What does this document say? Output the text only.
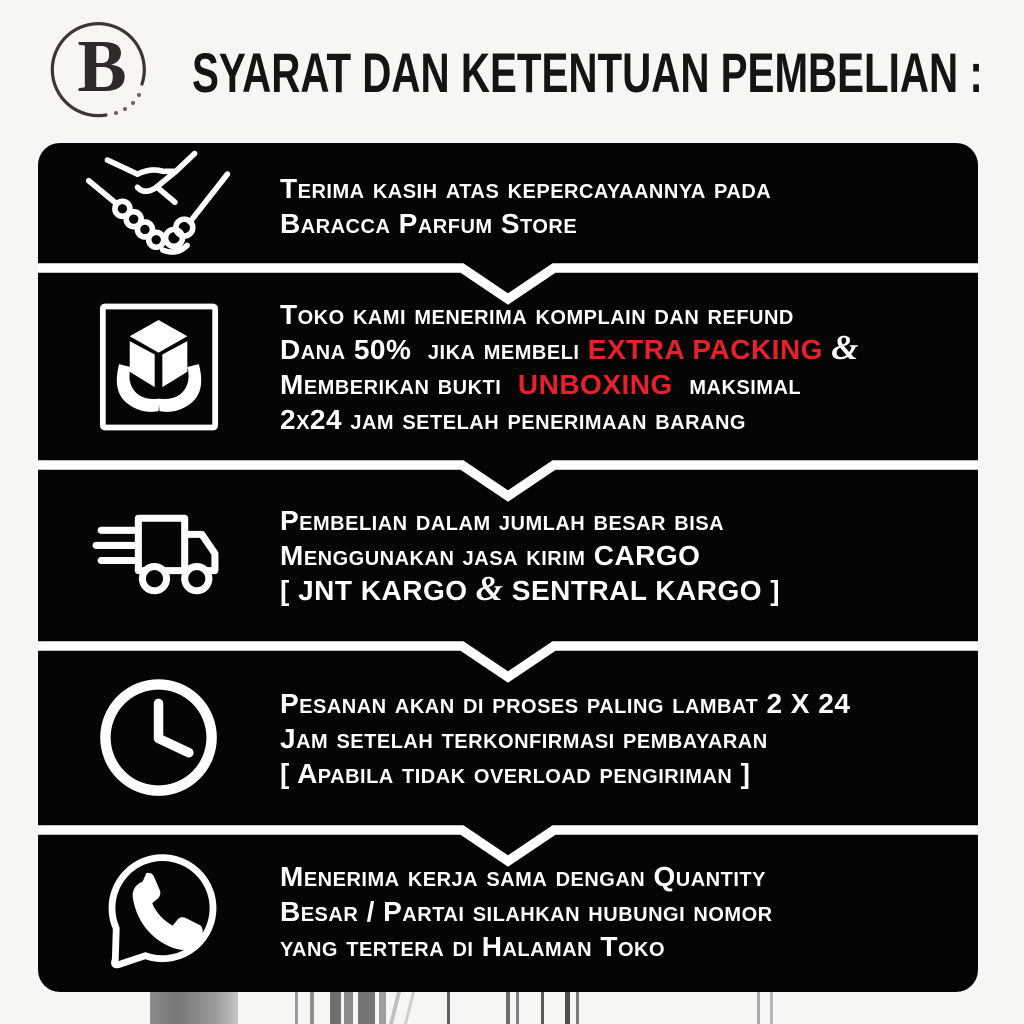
B	SYARAT DAN KETENTUAN PEMBELIAN :
Terima kasih atas kepercayaannya pada
Baracca Parfum Store
Toko kami menerima komplain dan refund
Dana 50%  jika membeli EXTRA PACKING &
Memberikan bukti  UNBOXING  maksimal
2x24 jam setelah penerimaan barang
Pembelian dalam jumlah besar bisa
Menggunakan jasa kirim CARGO
[ JNT KARGO & SENTRAL KARGO ]
Pesanan akan di proses paling lambat 2 X 24
Jam setelah terkonfirmasi pembayaran
[ Apabila tidak overload pengiriman ]
Menerima kerja sama dengan Quantity
Besar / Partai silahkan hubungi nomor
yang tertera di Halaman Toko
